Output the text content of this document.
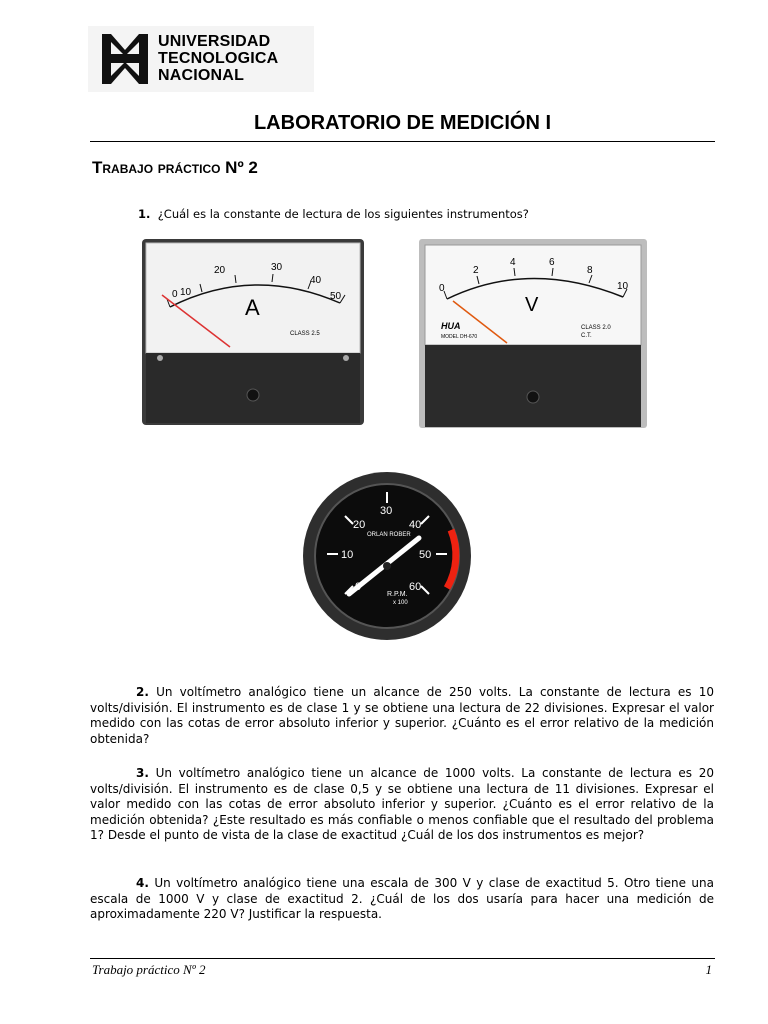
UNIVERSIDAD
TECNOLOGICA
NACIONAL
LABORATORIO DE MEDICIÓN I
Trabajo práctico Nº 2
1. ¿Cuál es la constante de lectura de los siguientes instrumentos?
0 10
20	30
40
50
A
CLASS 2.5
0
2
4	6
8
10
V
HUA
MODEL DH-670
CLASS 2.0
C.T.
10
20
30
40
50
60
ORLAN ROBER
R.P.M.
x 100
2. Un voltímetro analógico tiene un alcance de 250 volts. La constante de lectura es 10 volts/división. El instrumento es de clase 1 y se obtiene una lectura de 22 divisiones. Expresar el valor medido con las cotas de error absoluto inferior y superior. ¿Cuánto es el error relativo de la medición obtenida?
3. Un voltímetro analógico tiene un alcance de 1000 volts. La constante de lectura es 20 volts/división. El instrumento es de clase 0,5 y se obtiene una lectura de 11 divisiones. Expresar el valor medido con las cotas de error absoluto inferior y superior. ¿Cuánto es el error relativo de la medición obtenida? ¿Este resultado es más confiable o menos confiable que el resultado del problema 1? Desde el punto de vista de la clase de exactitud ¿Cuál de los dos instrumentos es mejor?
4. Un voltímetro analógico tiene una escala de 300 V y clase de exactitud 5. Otro tiene una escala de 1000 V y clase de exactitud 2. ¿Cuál de los dos usaría para hacer una medición de aproximadamente 220 V? Justificar la respuesta.
Trabajo práctico Nº 2	1
